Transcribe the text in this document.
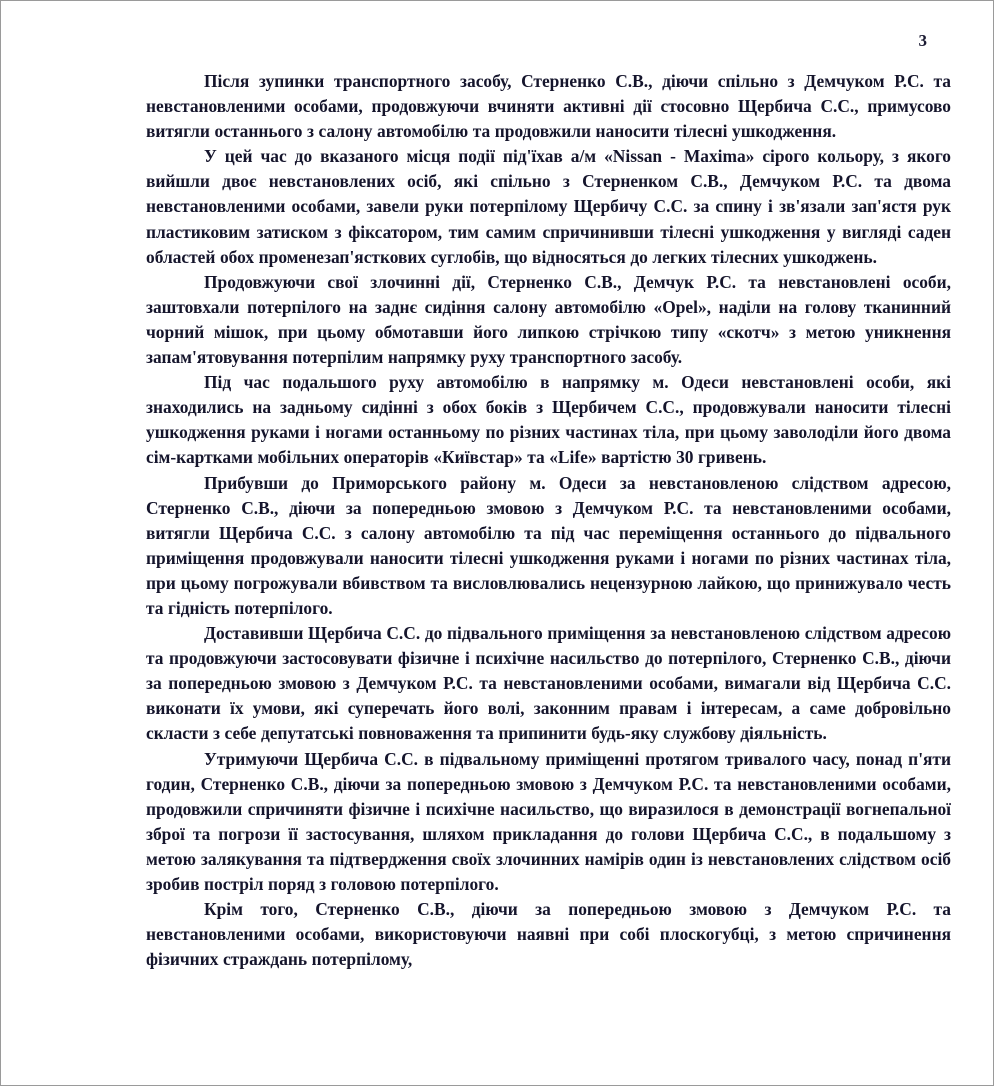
3

Після зупинки транспортного засобу, Стерненко С.В., діючи спільно з Демчуком Р.С. та невстановленими особами, продовжуючи вчиняти активні дії стосовно Щербича С.С., примусово витягли останнього з салону автомобілю та продовжили наносити тілесні ушкодження.

У цей час до вказаного місця події під'їхав а/м «Nissan - Maxima» сірого кольору, з якого вийшли двоє невстановлених осіб, які спільно з Стерненком С.В., Демчуком Р.С. та двома невстановленими особами, завели руки потерпілому Щербичу С.С. за спину і зв'язали зап'ястя рук пластиковим затиском з фіксатором, тим самим спричинивши тілесні ушкодження у вигляді саден областей обох променезап'ясткових суглобів, що відносяться до легких тілесних ушкоджень.

Продовжуючи свої злочинні дії, Стерненко С.В., Демчук Р.С. та невстановлені особи, заштовхали потерпілого на заднє сидіння салону автомобілю «Opel», наділи на голову тканинний чорний мішок, при цьому обмотавши його липкою стрічкою типу «скотч» з метою уникнення запам'ятовування потерпілим напрямку руху транспортного засобу.

Під час подальшого руху автомобілю в напрямку м. Одеси невстановлені особи, які знаходились на задньому сидінні з обох боків з Щербичем С.С., продовжували наносити тілесні ушкодження руками і ногами останньому по різних частинах тіла, при цьому заволоділи його двома сім-картками мобільних операторів «Київстар» та «Life» вартістю 30 гривень.

Прибувши до Приморського району м. Одеси за невстановленою слідством адресою, Стерненко С.В., діючи за попередньою змовою з Демчуком Р.С. та невстановленими особами, витягли Щербича С.С. з салону автомобілю та під час переміщення останнього до підвального приміщення продовжували наносити тілесні ушкодження руками і ногами по різних частинах тіла, при цьому погрожували вбивством та висловлювались нецензурною лайкою, що принижувало честь та гідність потерпілого.

Доставивши Щербича С.С. до підвального приміщення за невстановленою слідством адресою та продовжуючи застосовувати фізичне і психічне насильство до потерпілого, Стерненко С.В., діючи за попередньою змовою з Демчуком Р.С. та невстановленими особами, вимагали від Щербича С.С. виконати їх умови, які суперечать його волі, законним правам і інтересам, а саме добровільно скласти з себе депутатські повноваження та припинити будь-яку службову діяльність.

Утримуючи Щербича С.С. в підвальному приміщенні протягом тривалого часу, понад п'яти годин, Стерненко С.В., діючи за попередньою змовою з Демчуком Р.С. та невстановленими особами, продовжили спричиняти фізичне і психічне насильство, що виразилося в демонстрації вогнепальної зброї та погрози її застосування, шляхом прикладання до голови Щербича С.С., в подальшому з метою залякування та підтвердження своїх злочинних намірів один із невстановлених слідством осіб зробив постріл поряд з головою потерпілого.

Крім того, Стерненко С.В., діючи за попередньою змовою з Демчуком Р.С. та невстановленими особами, використовуючи наявні при собі плоскогубці, з метою спричинення фізичних страждань потерпілому,
